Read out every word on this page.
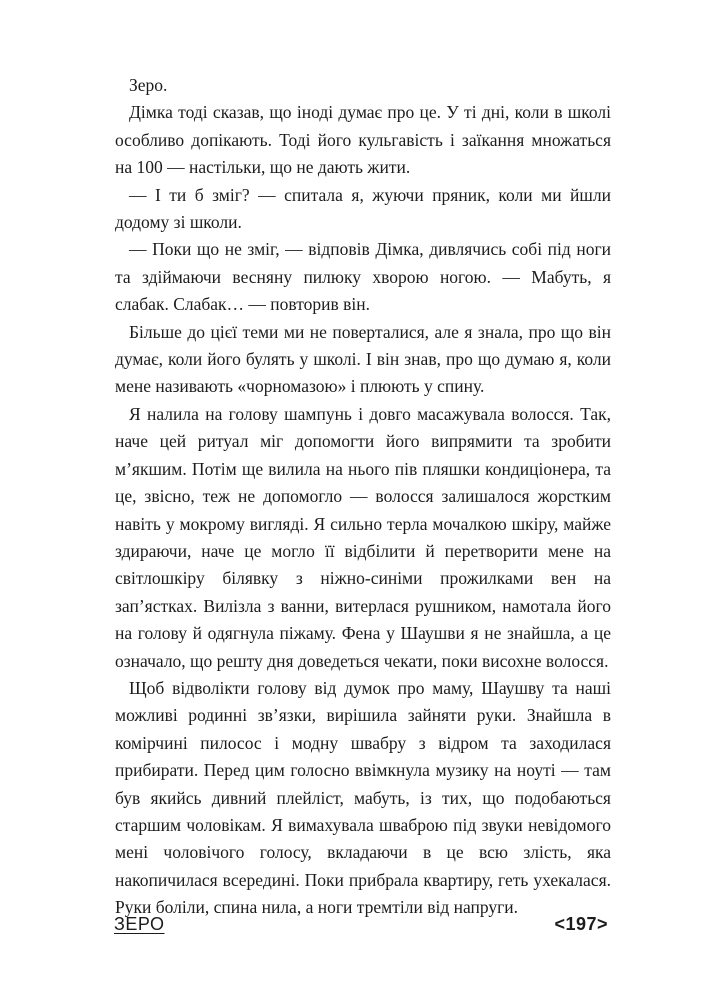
Зеро.

Дімка тоді сказав, що іноді думає про це. У ті дні, коли в школі особливо допікають. Тоді його кульгавість і заїкання множаться на 100 — настільки, що не дають жити.

— І ти б зміг? — спитала я, жуючи пряник, коли ми йшли додому зі школи.

— Поки що не зміг, — відповів Дімка, дивлячись собі під ноги та здіймаючи весняну пилюку хворою ногою. — Мабуть, я слабак. Слабак… — повторив він.

Більше до цієї теми ми не поверталися, але я знала, про що він думає, коли його булять у школі. І він знав, про що думаю я, коли мене називають «чорномазою» і плюють у спину.

Я налила на голову шампунь і довго масажувала волосся. Так, наче цей ритуал міг допомогти його випрямити та зробити м’якшим. Потім ще вилила на нього пів пляшки кондиціонера, та це, звісно, теж не допомогло — волосся залишалося жорстким навіть у мокрому вигляді. Я сильно терла мочалкою шкіру, майже здираючи, наче це могло її відбілити й перетворити мене на світлошкіру білявку з ніжно-синіми прожилками вен на зап’ястках. Вилізла з ванни, витерлася рушником, намотала його на голову й одягнула піжаму. Фена у Шаушви я не знайшла, а це означало, що решту дня доведеться чекати, поки висохне волосся.

Щоб відволікти голову від думок про маму, Шаушву та наші можливі родинні зв’язки, вирішила зайняти руки. Знайшла в комірчині пилосос і модну швабру з відром та заходилася прибирати. Перед цим голосно ввімкнула музику на ноуті — там був якийсь дивний плейліст, мабуть, із тих, що подобаються старшим чоловікам. Я вимахувала шваброю під звуки невідомого мені чоловічого голосу, вкладаючи в це всю злість, яка накопичилася всередині. Поки прибрала квартиру, геть ухекалася. Руки боліли, спина нила, а ноги тремтіли від напруги.

ЗЕРО	<197>
